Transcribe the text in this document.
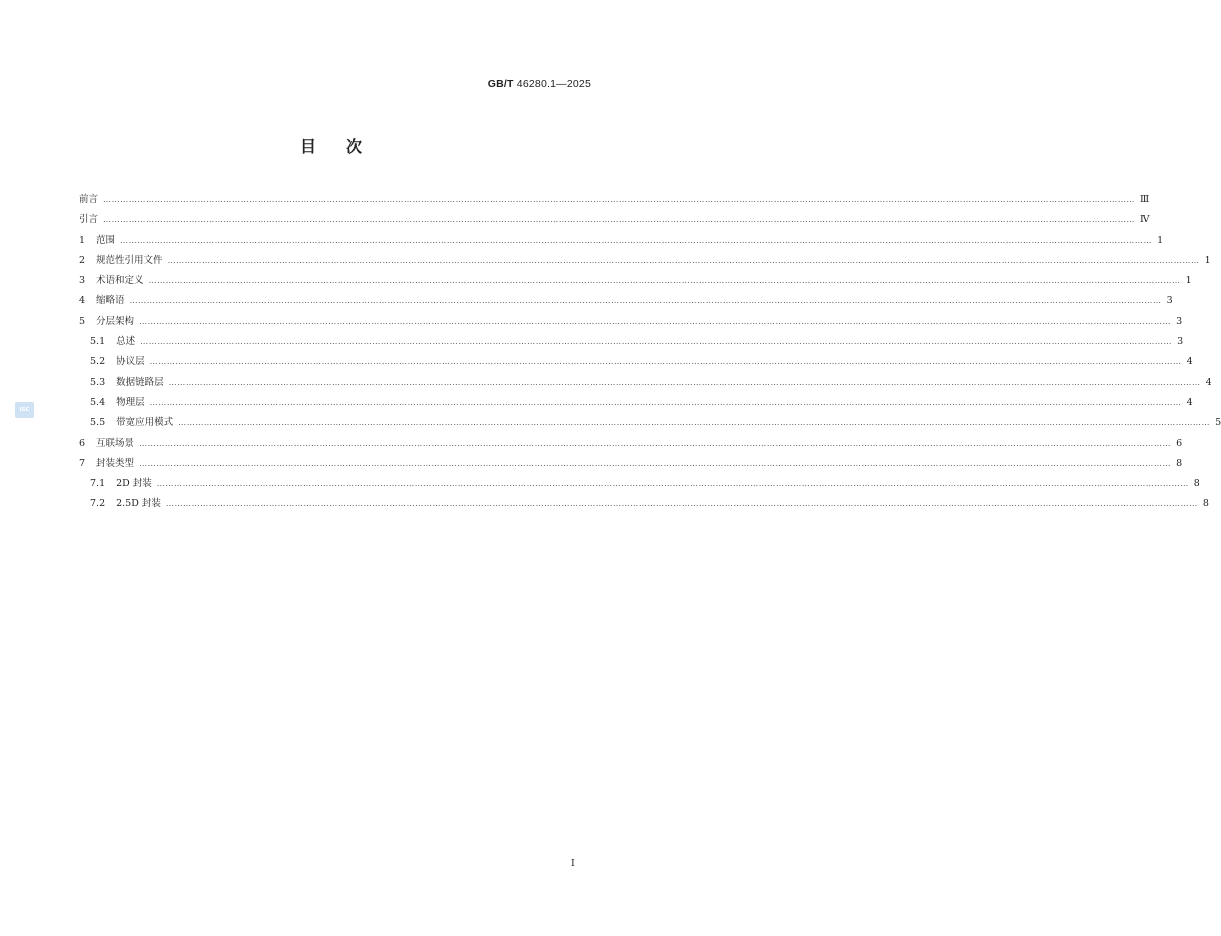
GB/T 46280.1—2025
目次
ISC
前言 ……………………………………………………………………………………………………………………………………………………………………………………………………………………………………………………………………………………………………………………………… Ⅲ
引言 ……………………………………………………………………………………………………………………………………………………………………………………………………………………………………………………………………………………………………………………………… Ⅳ
1 范围 ……………………………………………………………………………………………………………………………………………………………………………………………………………………………………………………………………………………………………………………………… 1
2 规范性引用文件 ……………………………………………………………………………………………………………………………………………………………………………………………………………………………………………………………………………………………………………………………… 1
3 术语和定义 ……………………………………………………………………………………………………………………………………………………………………………………………………………………………………………………………………………………………………………………………… 1
4 缩略语 ……………………………………………………………………………………………………………………………………………………………………………………………………………………………………………………………………………………………………………………………… 3
5 分层架构 ……………………………………………………………………………………………………………………………………………………………………………………………………………………………………………………………………………………………………………………………… 3
5.1 总述 ……………………………………………………………………………………………………………………………………………………………………………………………………………………………………………………………………………………………………………………………… 3
5.2 协议层 ……………………………………………………………………………………………………………………………………………………………………………………………………………………………………………………………………………………………………………………………… 4
5.3 数据链路层 ……………………………………………………………………………………………………………………………………………………………………………………………………………………………………………………………………………………………………………………………… 4
5.4 物理层 ……………………………………………………………………………………………………………………………………………………………………………………………………………………………………………………………………………………………………………………………… 4
5.5 带宽应用模式 ……………………………………………………………………………………………………………………………………………………………………………………………………………………………………………………………………………………………………………………………… 5
6 互联场景 ……………………………………………………………………………………………………………………………………………………………………………………………………………………………………………………………………………………………………………………………… 6
7 封装类型 ……………………………………………………………………………………………………………………………………………………………………………………………………………………………………………………………………………………………………………………………… 8
7.1 2D 封装 ……………………………………………………………………………………………………………………………………………………………………………………………………………………………………………………………………………………………………………………………… 8
7.2 2.5D 封装 ……………………………………………………………………………………………………………………………………………………………………………………………………………………………………………………………………………………………………………………………… 8
Ⅰ
